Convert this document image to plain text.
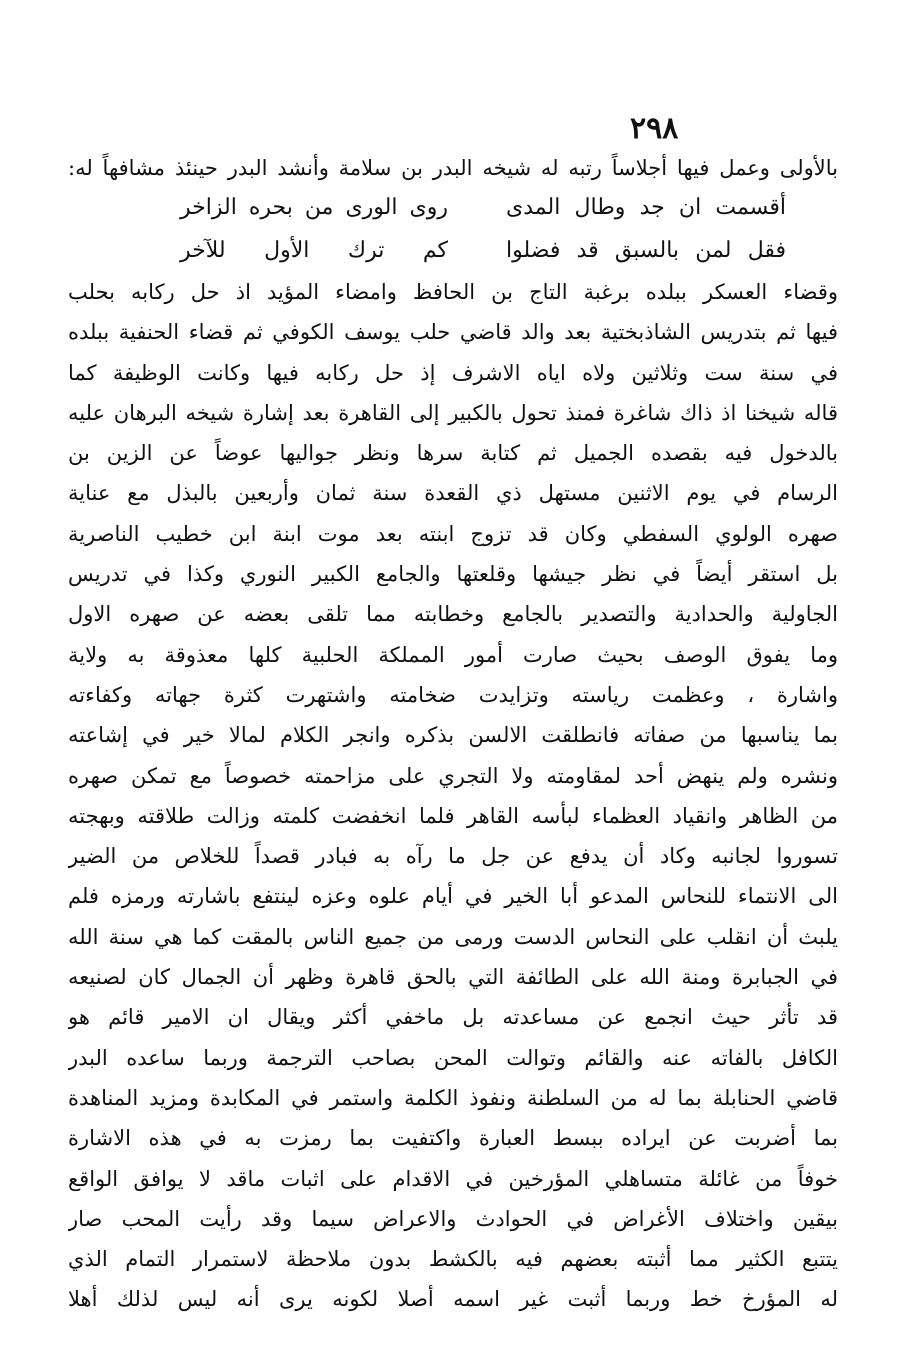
٢٩٨
بالأولى وعمل فيها أجلاساً رتبه له شيخه البدر بن سلامة وأنشد البدر حينئذ مشافهاً له:
أقسمت ان جد وطال المدى
روى الورى من بحره الزاخر
فقل لمن بالسبق قد فضلوا
كم ترك الأول للآخر
وقضاء العسكر ببلده برغبة التاج بن الحافظ وامضاء المؤيد اذ حل ركابه بحلب
فيها ثم بتدريس الشاذبختية بعد والد قاضي حلب يوسف الكوفي ثم قضاء الحنفية ببلده
في سنة ست وثلاثين ولاه اياه الاشرف إذ حل ركابه فيها وكانت الوظيفة كما
قاله شيخنا اذ ذاك شاغرة فمنذ تحول بالكبير إلى القاهرة بعد إشارة شيخه البرهان عليه
بالدخول فيه بقصده الجميل ثم كتابة سرها ونظر جواليها عوضاً عن الزين بن
الرسام في يوم الاثنين مستهل ذي القعدة سنة ثمان وأربعين بالبذل مع عناية
صهره الولوي السفطي وكان قد تزوج ابنته بعد موت ابنة ابن خطيب الناصرية
بل استقر أيضاً في نظر جيشها وقلعتها والجامع الكبير النوري وكذا في تدريس
الجاولية والحدادية والتصدير بالجامع وخطابته مما تلقى بعضه عن صهره الاول
وما يفوق الوصف بحيث صارت أمور المملكة الحلبية كلها معذوقة به ولاية
واشارة ، وعظمت رياسته وتزايدت ضخامته واشتهرت كثرة جهاته وكفاءته
بما يناسبها من صفاته فانطلقت الالسن بذكره وانجر الكلام لمالا خير في إشاعته
ونشره ولم ينهض أحد لمقاومته ولا التجري على مزاحمته خصوصاً مع تمكن صهره
من الظاهر وانقياد العظماء لبأسه القاهر فلما انخفضت كلمته وزالت طلاقته وبهجته
تسوروا لجانبه وكاد أن يدفع عن جل ما رآه به فبادر قصداً للخلاص من الضير
الى الانتماء للنحاس المدعو أبا الخير في أيام علوه وعزه لينتفع باشارته ورمزه فلم
يلبث أن انقلب على النحاس الدست ورمى من جميع الناس بالمقت كما هي سنة الله
في الجبابرة ومنة الله على الطائفة التي بالحق قاهرة وظهر أن الجمال كان لصنيعه
قد تأثر حيث انجمع عن مساعدته بل ماخفي أكثر ويقال ان الامير قائم هو
الكافل بالفاته عنه والقائم وتوالت المحن بصاحب الترجمة وربما ساعده البدر
قاضي الحنابلة بما له من السلطنة ونفوذ الكلمة واستمر في المكابدة ومزيد المناهدة
بما أضربت عن ايراده ببسط العبارة واكتفيت بما رمزت به في هذه الاشارة
خوفاً من غائلة متساهلي المؤرخين في الاقدام على اثبات ماقد لا يوافق الواقع
بيقين واختلاف الأغراض في الحوادث والاعراض سيما وقد رأيت المحب صار
يتتبع الكثير مما أثبته بعضهم فيه بالكشط بدون ملاحظة لاستمرار التمام الذي
له المؤرخ خط وربما أثبت غير اسمه أصلا لكونه يرى أنه ليس لذلك أهلا
